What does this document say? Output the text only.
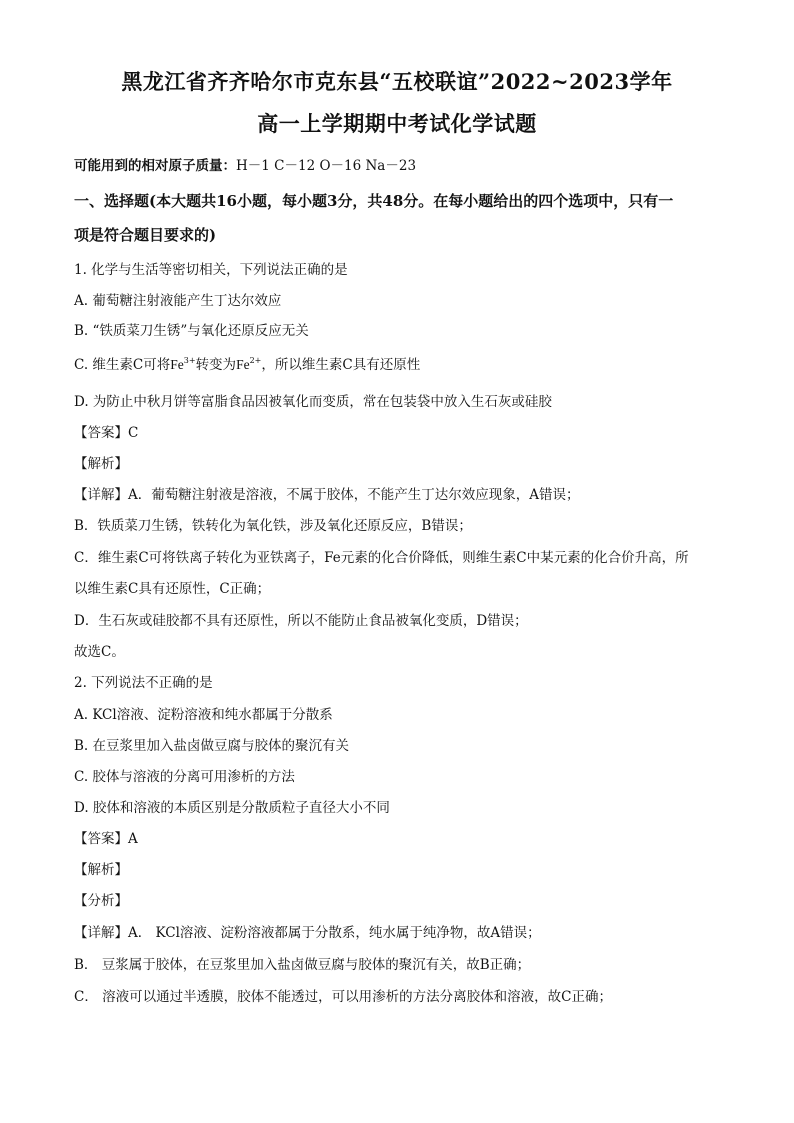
黑龙江省齐齐哈尔市克东县“五校联谊”2022~2023学年
高一上学期期中考试化学试题
可能用到的相对原子质量：H－1 C－12 O－16 Na－23
一、选择题(本大题共16小题，每小题3分，共48分。在每小题给出的四个选项中，只有一
项是符合题目要求的)
1. 化学与生活等密切相关，下列说法正确的是
A. 葡萄糖注射液能产生丁达尔效应
B. “铁质菜刀生锈”与氧化还原反应无关
C. 维生素C可将$Fe^{3+}$转变为$Fe^{2+}$，所以维生素C具有还原性
D. 为防止中秋月饼等富脂食品因被氧化而变质，常在包装袋中放入生石灰或硅胶
【答案】C
【解析】
【详解】A．葡萄糖注射液是溶液，不属于胶体，不能产生丁达尔效应现象，A错误；
B．铁质菜刀生锈，铁转化为氧化铁，涉及氧化还原反应，B错误；
C．维生素C可将铁离子转化为亚铁离子，Fe元素的化合价降低，则维生素C中某元素的化合价升高，所
以维生素C具有还原性，C正确；
D．生石灰或硅胶都不具有还原性，所以不能防止食品被氧化变质，D错误；
故选C。
2. 下列说法不正确的是
A. KCl溶液、淀粉溶液和纯水都属于分散系
B. 在豆浆里加入盐卤做豆腐与胶体的聚沉有关
C. 胶体与溶液的分离可用渗析的方法
D. 胶体和溶液的本质区别是分散质粒子直径大小不同
【答案】A
【解析】
【分析】
【详解】A． KCl溶液、淀粉溶液都属于分散系，纯水属于纯净物，故A错误；
B． 豆浆属于胶体，在豆浆里加入盐卤做豆腐与胶体的聚沉有关，故B正确；
C． 溶液可以通过半透膜，胶体不能透过，可以用渗析的方法分离胶体和溶液，故C正确；
